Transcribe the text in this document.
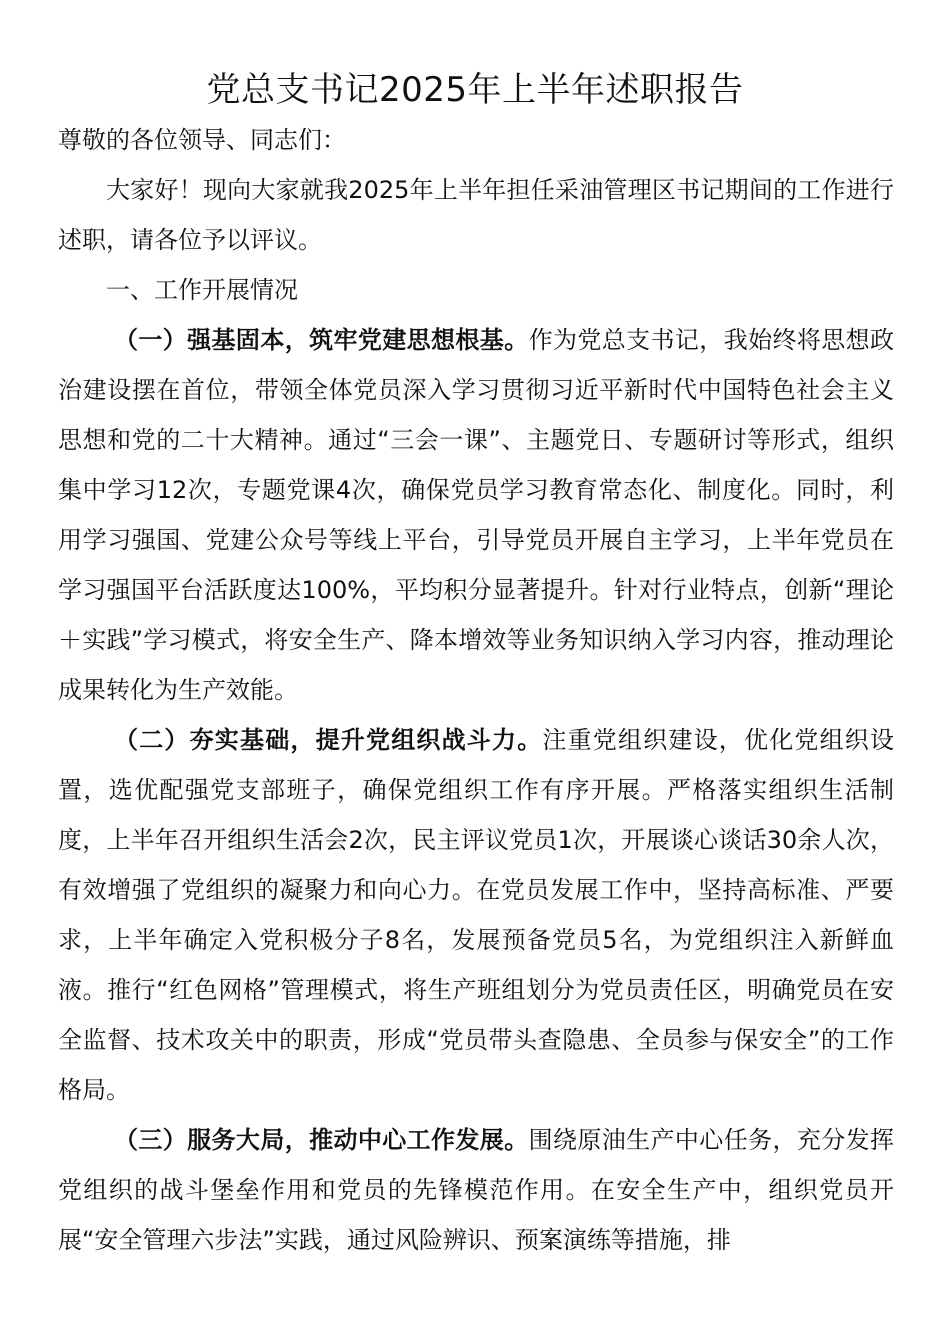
党总支书记2025年上半年述职报告

尊敬的各位领导、同志们：

大家好！现向大家就我2025年上半年担任采油管理区书记期间的工作进行述职，请各位予以评议。

一、工作开展情况

（一）强基固本，筑牢党建思想根基。作为党总支书记，我始终将思想政治建设摆在首位，带领全体党员深入学习贯彻习近平新时代中国特色社会主义思想和党的二十大精神。通过“三会一课”、主题党日、专题研讨等形式，组织集中学习12次，专题党课4次，确保党员学习教育常态化、制度化。同时，利用学习强国、党建公众号等线上平台，引导党员开展自主学习，上半年党员在学习强国平台活跃度达100%，平均积分显著提升。针对行业特点，创新“理论＋实践”学习模式，将安全生产、降本增效等业务知识纳入学习内容，推动理论成果转化为生产效能。

（二）夯实基础，提升党组织战斗力。注重党组织建设，优化党组织设置，选优配强党支部班子，确保党组织工作有序开展。严格落实组织生活制度，上半年召开组织生活会2次，民主评议党员1次，开展谈心谈话30余人次，有效增强了党组织的凝聚力和向心力。在党员发展工作中，坚持高标准、严要求，上半年确定入党积极分子8名，发展预备党员5名，为党组织注入新鲜血液。推行“红色网格”管理模式，将生产班组划分为党员责任区，明确党员在安全监督、技术攻关中的职责，形成“党员带头查隐患、全员参与保安全”的工作格局。

（三）服务大局，推动中心工作发展。围绕原油生产中心任务，充分发挥党组织的战斗堡垒作用和党员的先锋模范作用。在安全生产中，组织党员开展“安全管理六步法”实践，通过风险辨识、预案演练等措施，排
